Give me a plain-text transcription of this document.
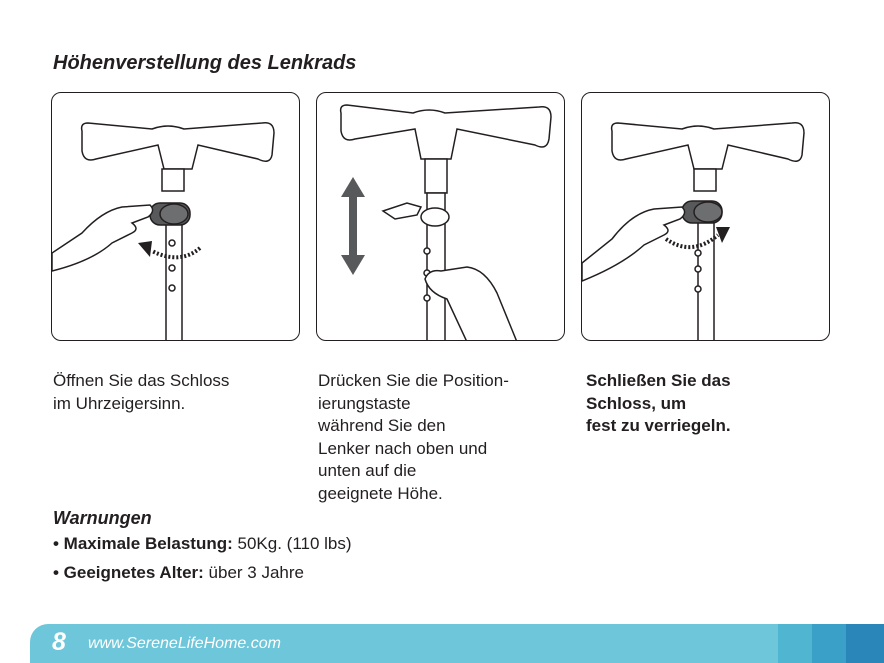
Höhenverstellung des Lenkrads
Öffnen Sie das Schloss
im Uhrzeigersinn.
Drücken Sie die Position-
ierungstaste
während Sie den
Lenker nach oben und
unten auf die
geeignete Höhe.
Schließen Sie das
Schloss, um
fest zu verriegeln.
Warnungen
• Maximale Belastung: 50Kg. (110 lbs)
• Geeignetes Alter: über 3 Jahre
8 www.SereneLifeHome.com
